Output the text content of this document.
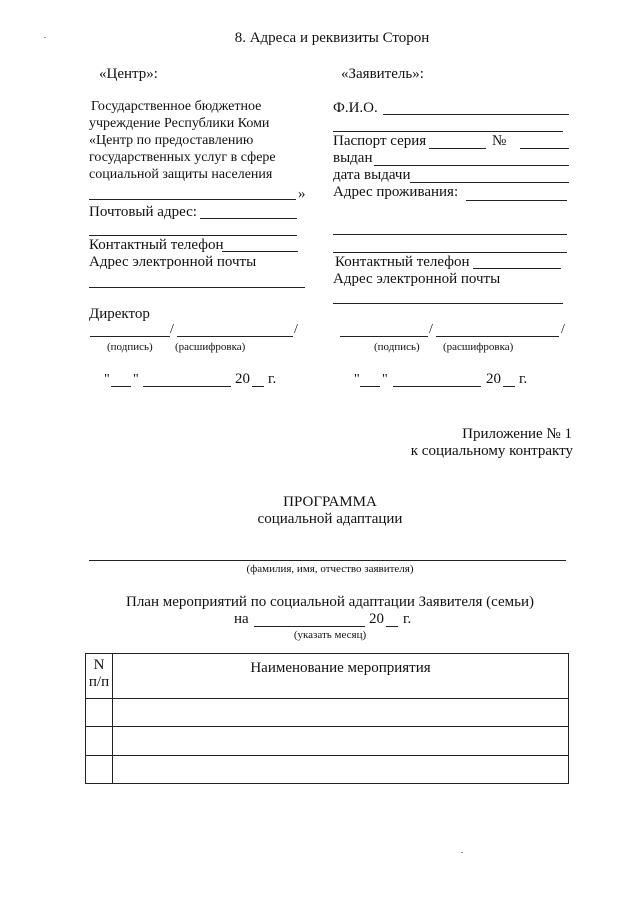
8. Адреса и реквизиты Сторон
«Центр»:
Государственное бюджетное
учреждение Республики Коми
«Центр по предоставлению
государственных услуг в сфере
социальной защиты населения
»
Почтовый адрес:
Контактный телефон
Адрес электронной почты
Директор
/	/
(подпись) (расшифровка)
" "	20 г.
«Заявитель»:
Ф.И.О.
Паспорт серия	№
выдан
дата выдачи
Адрес проживания:
Контактный телефон
Адрес электронной почты
/	/
(подпись) (расшифровка)
" "	20 г.
Приложение № 1
к социальному контракту
ПРОГРАММА
социальной адаптации
(фамилия, имя, отчество заявителя)
План мероприятий по социальной адаптации Заявителя (семьи)
на	20 г.
(указать месяц)
N
п/п	Наименование мероприятия
